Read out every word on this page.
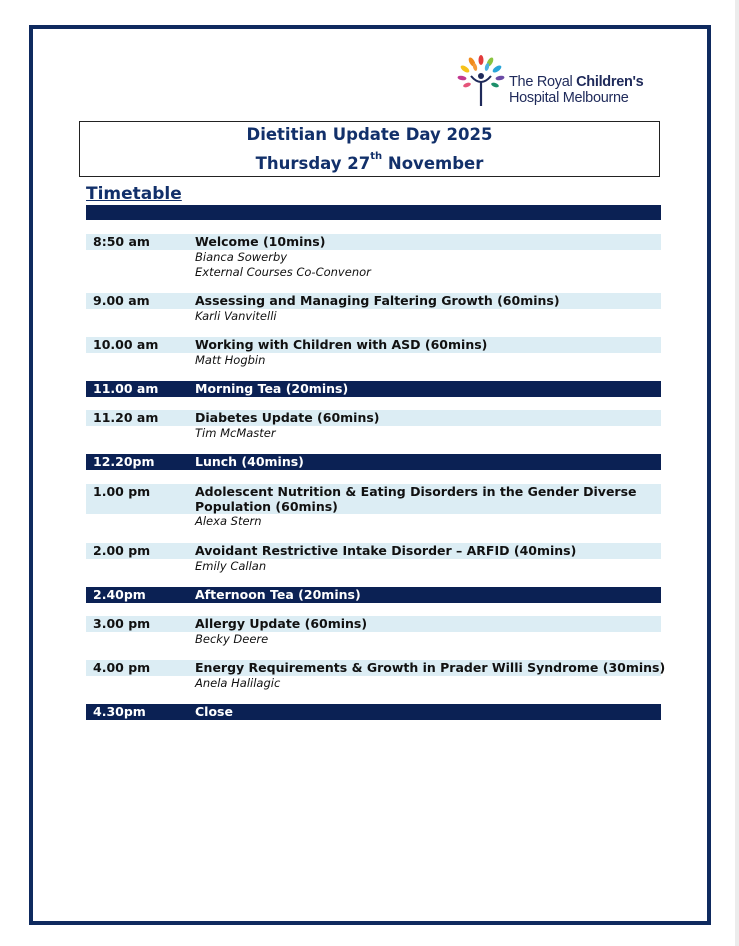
The Royal Children's
Hospital Melbourne
Dietitian Update Day 2025
Thursday 27th November
Timetable
8:50 am	Welcome (10mins)
Bianca Sowerby
External Courses Co-Convenor
9.00 am	Assessing and Managing Faltering Growth (60mins)
Karli Vanvitelli
10.00 am	Working with Children with ASD (60mins)
Matt Hogbin
11.00 am	Morning Tea (20mins)
11.20 am	Diabetes Update (60mins)
Tim McMaster
12.20pm	Lunch (40mins)
1.00 pm	Adolescent Nutrition & Eating Disorders in the Gender Diverse Population (60mins)
Alexa Stern
2.00 pm	Avoidant Restrictive Intake Disorder – ARFID (40mins)
Emily Callan
2.40pm	Afternoon Tea (20mins)
3.00 pm	Allergy Update (60mins)
Becky Deere
4.00 pm	Energy Requirements & Growth in Prader Willi Syndrome (30mins)
Anela Halilagic
4.30pm	Close
